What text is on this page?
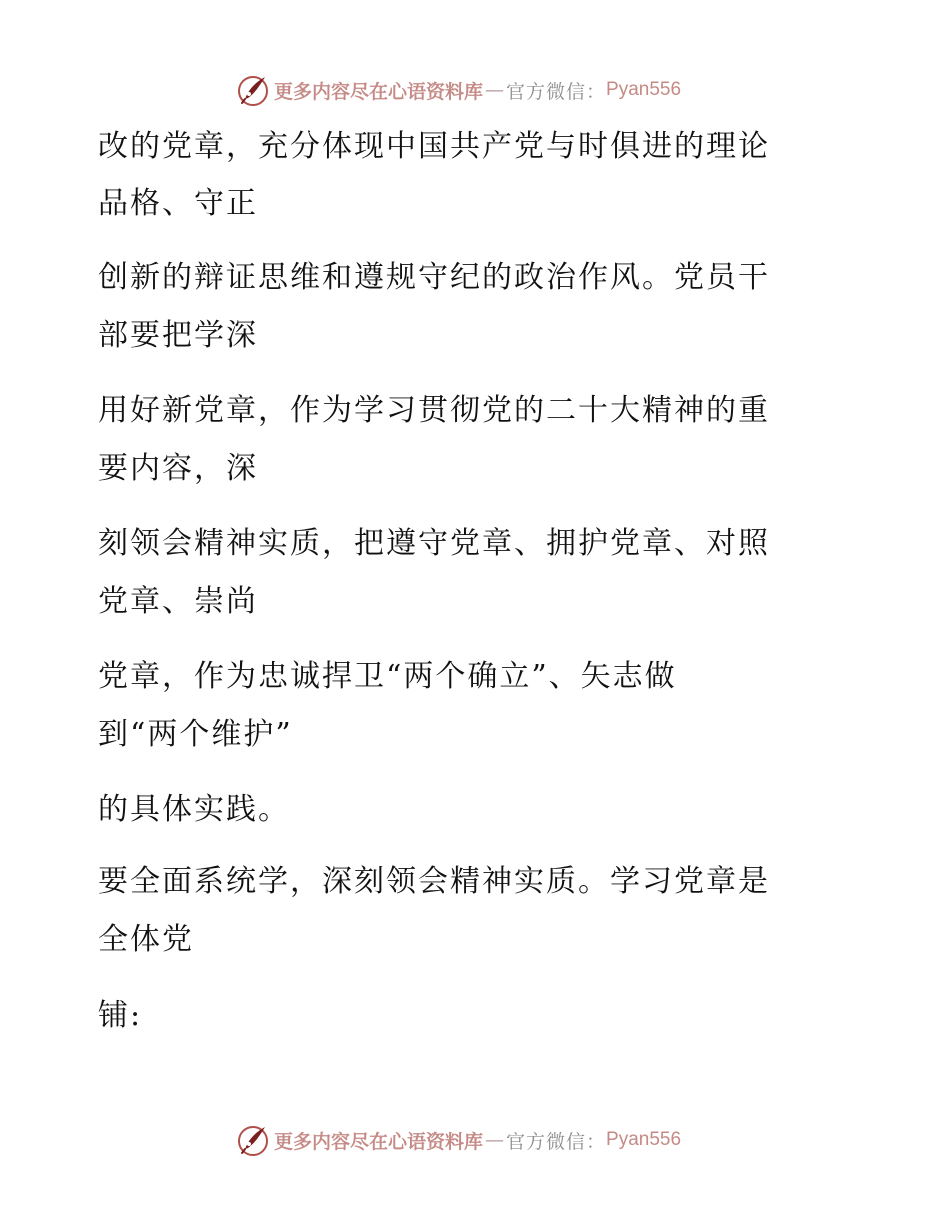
更多内容尽在心语资料库 — 官方微信： Pyan556
改的党章，充分体现中国共产党与时俱进的理论
品格、守正
创新的辩证思维和遵规守纪的政治作风。党员干
部要把学深
用好新党章，作为学习贯彻党的二十大精神的重
要内容，深
刻领会精神实质，把遵守党章、拥护党章、对照
党章、崇尚
党章，作为忠诚捍卫“两个确立”、矢志做
到“两个维护”
的具体实践。
要全面系统学，深刻领会精神实质。学习党章是
全体党
铺:
更多内容尽在心语资料库 — 官方微信： Pyan556
